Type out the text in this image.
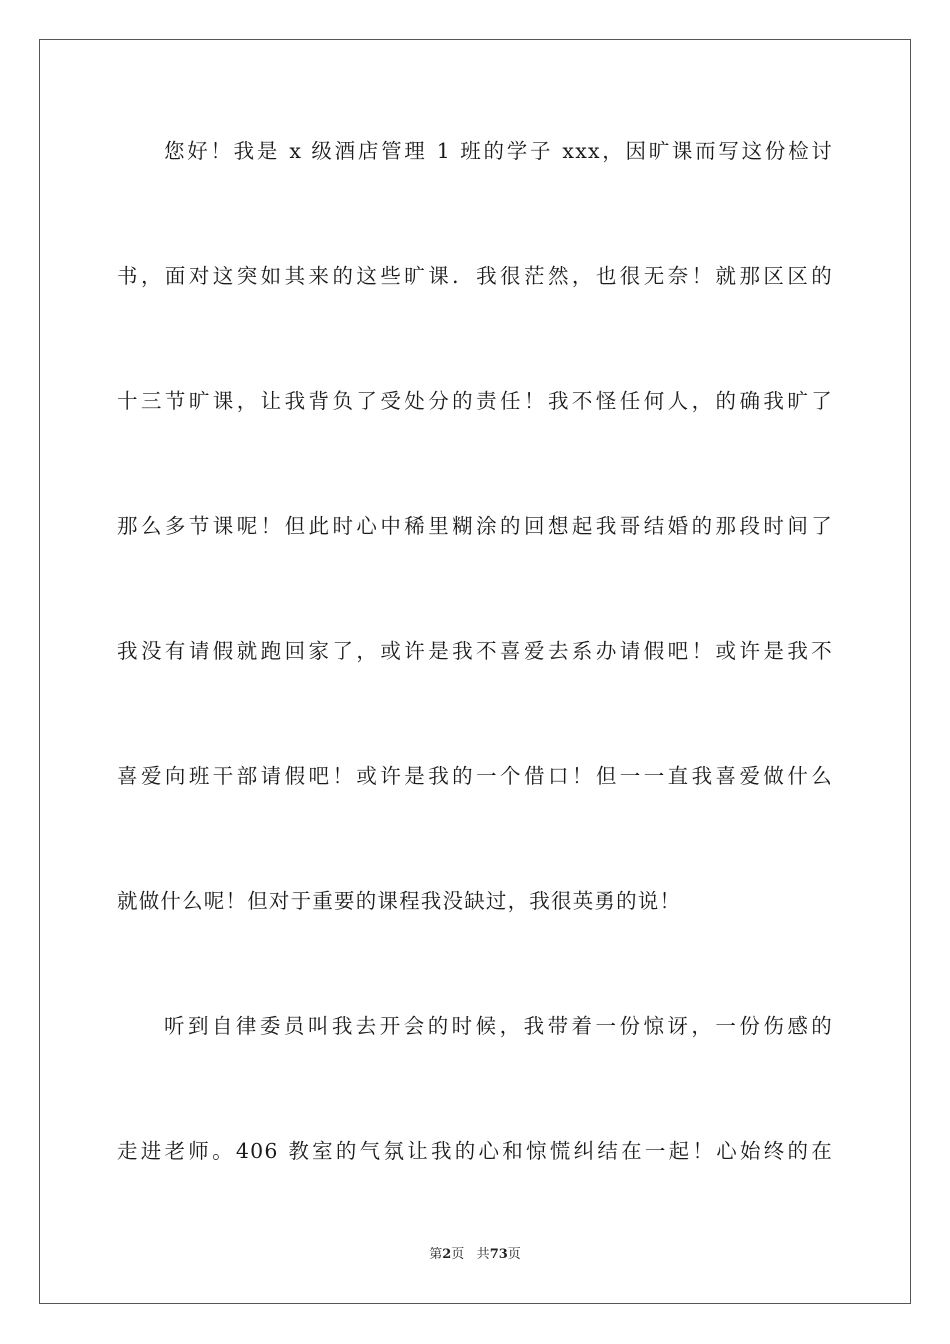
您好！我是 x 级酒店管理 1 班的学子 xxx，因旷课而写这份检讨
书，面对这突如其来的这些旷课．我很茫然，也很无奈！就那区区的
十三节旷课，让我背负了受处分的责任！我不怪任何人，的确我旷了
那么多节课呢！但此时心中稀里糊涂的回想起我哥结婚的那段时间了
我没有请假就跑回家了，或许是我不喜爱去系办请假吧！或许是我不
喜爱向班干部请假吧！或许是我的一个借口！但一一直我喜爱做什么
就做什么呢！但对于重要的课程我没缺过，我很英勇的说！
听到自律委员叫我去开会的时候，我带着一份惊讶，一份伤感的
走进老师。406 教室的气氛让我的心和惊慌纠结在一起！心始终的在
第2页 共73页
